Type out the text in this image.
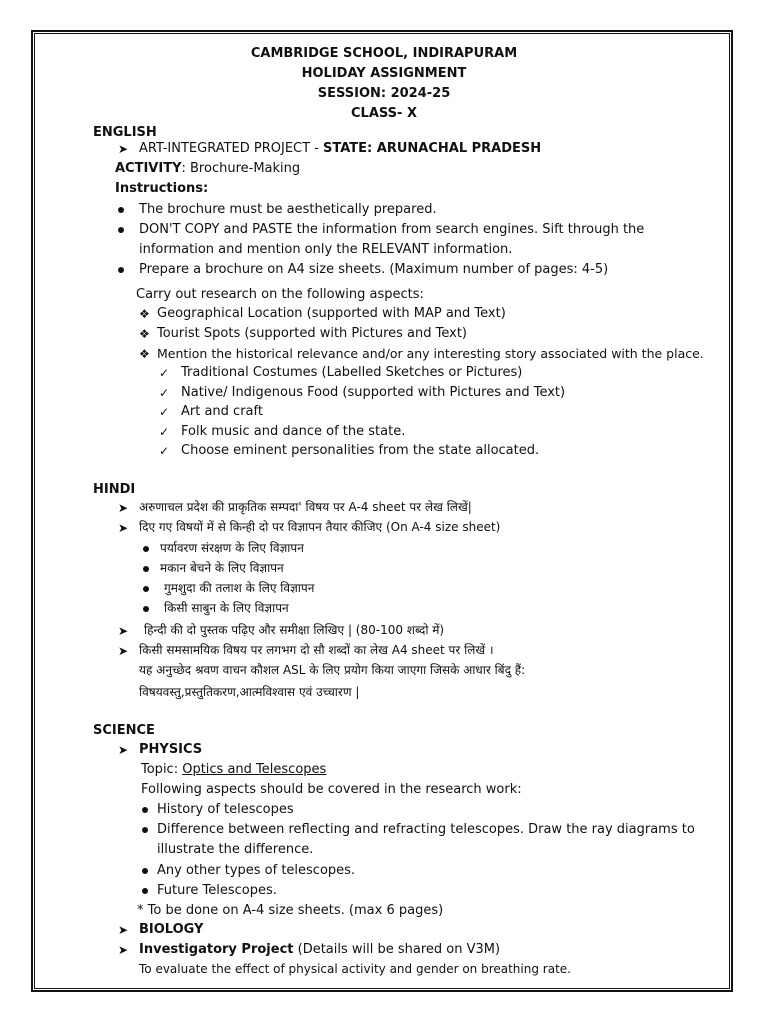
CAMBRIDGE SCHOOL, INDIRAPURAM
HOLIDAY ASSIGNMENT
SESSION: 2024-25
CLASS- X
ENGLISH
➤ ART-INTEGRATED PROJECT - STATE: ARUNACHAL PRADESH
ACTIVITY: Brochure-Making
Instructions:
The brochure must be aesthetically prepared.
DON'T COPY and PASTE the information from search engines. Sift through the
information and mention only the RELEVANT information.
Prepare a brochure on A4 size sheets. (Maximum number of pages: 4-5)
Carry out research on the following aspects:
❖ Geographical Location (supported with MAP and Text)
❖ Tourist Spots (supported with Pictures and Text)
❖ Mention the historical relevance and/or any interesting story associated with the place.
✓ Traditional Costumes (Labelled Sketches or Pictures)
✓ Native/ Indigenous Food (supported with Pictures and Text)
✓ Art and craft
✓ Folk music and dance of the state.
✓ Choose eminent personalities from the state allocated.
HINDI
➤ अरुणाचल प्रदेश की प्राकृतिक सम्पदा' विषय पर A-4 sheet पर लेख लिखें|
➤ दिए गए विषयों में से किन्ही दो पर विज्ञापन तैयार कीजिए (On A-4 size sheet)
पर्यावरण संरक्षण के लिए विज्ञापन
मकान बेचने के लिए विज्ञापन
गुमशुदा की तलाश के लिए विज्ञापन
किसी साबुन के लिए विज्ञापन
➤ हिन्दी की दो पुस्तक पढ़िए और समीक्षा लिखिए | (80-100 शब्दो में)
➤ किसी समसामयिक विषय पर लगभग दो सौ शब्दों का लेख A4 sheet पर लिखें ।
यह अनुच्छेद श्रवण वाचन कौशल ASL के लिए प्रयोग किया जाएगा जिसके आधार बिंदु हैं:
विषयवस्तु,प्रस्तुतिकरण,आत्मविश्वास एवं उच्चारण |
SCIENCE
➤ PHYSICS
Topic: Optics and Telescopes
Following aspects should be covered in the research work:
History of telescopes
Difference between reflecting and refracting telescopes. Draw the ray diagrams to
illustrate the difference.
Any other types of telescopes.
Future Telescopes.
* To be done on A-4 size sheets. (max 6 pages)
➤ BIOLOGY
➤ Investigatory Project (Details will be shared on V3M)
To evaluate the effect of physical activity and gender on breathing rate.
